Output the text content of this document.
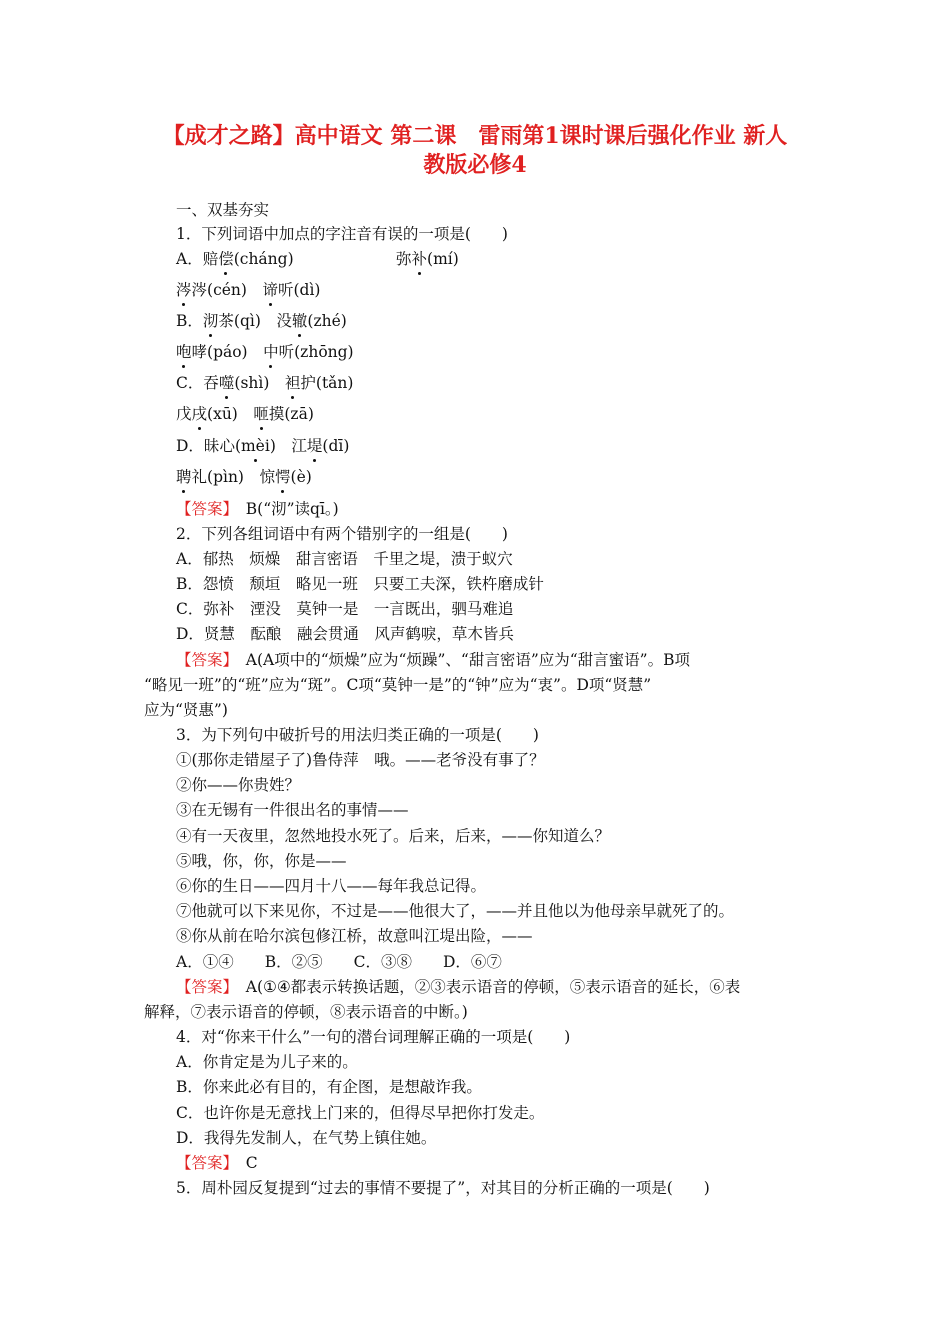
【成才之路】高中语文 第二课　雷雨第1课时课后强化作业 新人
教版必修4
一、双基夯实
1．下列词语中加点的字注音有误的一项是(　　)
A．赔偿(cháng)	弥补(mí)
涔涔(cén)　谛听(dì)
B．沏茶(qì)　没辙(zhé)
咆哮(páo)　中听(zhōng)
C．吞噬(shì)　袒护(tǎn)
戊戌(xū)　咂摸(zā)
D．昧心(mèi)　江堤(dī)
聘礼(pìn)　惊愕(è)
【答案】　B(“沏”读qī。)
2．下列各组词语中有两个错别字的一组是(　　)
A．郁热　烦燥　甜言密语　千里之堤，溃于蚁穴
B．怨愤　颓垣　略见一班　只要工夫深，铁杵磨成针
C．弥补　湮没　莫钟一是　一言既出，驷马难追
D．贤慧　酝酿　融会贯通　风声鹤唳，草木皆兵
【答案】　A(A项中的“烦燥”应为“烦躁”、“甜言密语”应为“甜言蜜语”。B项
“略见一班”的“班”应为“斑”。C项“莫钟一是”的“钟”应为“衷”。D项“贤慧”
应为“贤惠”)
3．为下列句中破折号的用法归类正确的一项是(　　)
①(那你走错屋子了)鲁侍萍　哦。——老爷没有事了？
②你——你贵姓？
③在无锡有一件很出名的事情——
④有一天夜里，忽然地投水死了。后来，后来，——你知道么？
⑤哦，你，你，你是——
⑥你的生日——四月十八——每年我总记得。
⑦他就可以下来见你，不过是——他很大了，——并且他以为他母亲早就死了的。
⑧你从前在哈尔滨包修江桥，故意叫江堤出险，——
A．①④　　B．②⑤　　C．③⑧　　D．⑥⑦
【答案】　A(①④都表示转换话题，②③表示语音的停顿，⑤表示语音的延长，⑥表
解释，⑦表示语音的停顿，⑧表示语音的中断。)
4．对“你来干什么”一句的潜台词理解正确的一项是(　　)
A．你肯定是为儿子来的。
B．你来此必有目的，有企图，是想敲诈我。
C．也许你是无意找上门来的，但得尽早把你打发走。
D．我得先发制人，在气势上镇住她。
【答案】　C
5．周朴园反复提到“过去的事情不要提了”，对其目的分析正确的一项是(　　)
